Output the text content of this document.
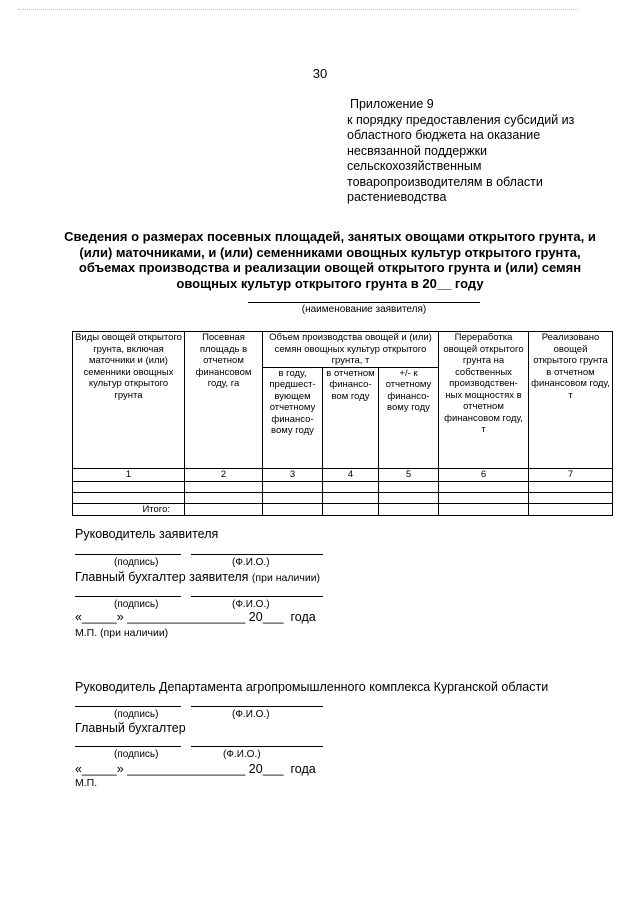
30
Приложение 9
к порядку предоставления субсидий из
областного бюджета на оказание
несвязанной поддержки
сельскохозяйственным
товаропроизводителям в области
растениеводства
Сведения о размерах посевных площадей, занятых овощами открытого грунта, и
(или) маточниками, и (или) семенниками овощных культур открытого грунта,
объемах производства и реализации овощей открытого грунта и (или) семян
овощных культур открытого грунта в 20__ году
(наименование заявителя)
Виды овощей открытого грунта, включая маточники и (или) семенники овощных культур открытого грунта	Посевная площадь в отчетном финансовом году, га	Объем производства овощей и (или) семян овощных культур открытого грунта, т			Переработка овощей открытого грунта на собственных производствен-ных мощностях в отчетном финансовом году, т	Реализовано овощей открытого грунта в отчетном финансовом году, т
		в году, предшест-вующем отчетному финансо-вому году	в отчетном финансо-вом году	+/- к отчетному финансо-вому году		
1	2	3	4	5	6	7

Итого:						
Руководитель заявителя
(подпись)	(Ф.И.О.)
Главный бухгалтер заявителя (при наличии)
(подпись)	(Ф.И.О.)
«_____» _________________ 20___  года
М.П. (при наличии)
Руководитель Департамента агропромышленного комплекса Курганской области
(подпись)	(Ф.И.О.)
Главный бухгалтер
(подпись)	(Ф.И.О.)
«_____» _________________ 20___  года
М.П.
